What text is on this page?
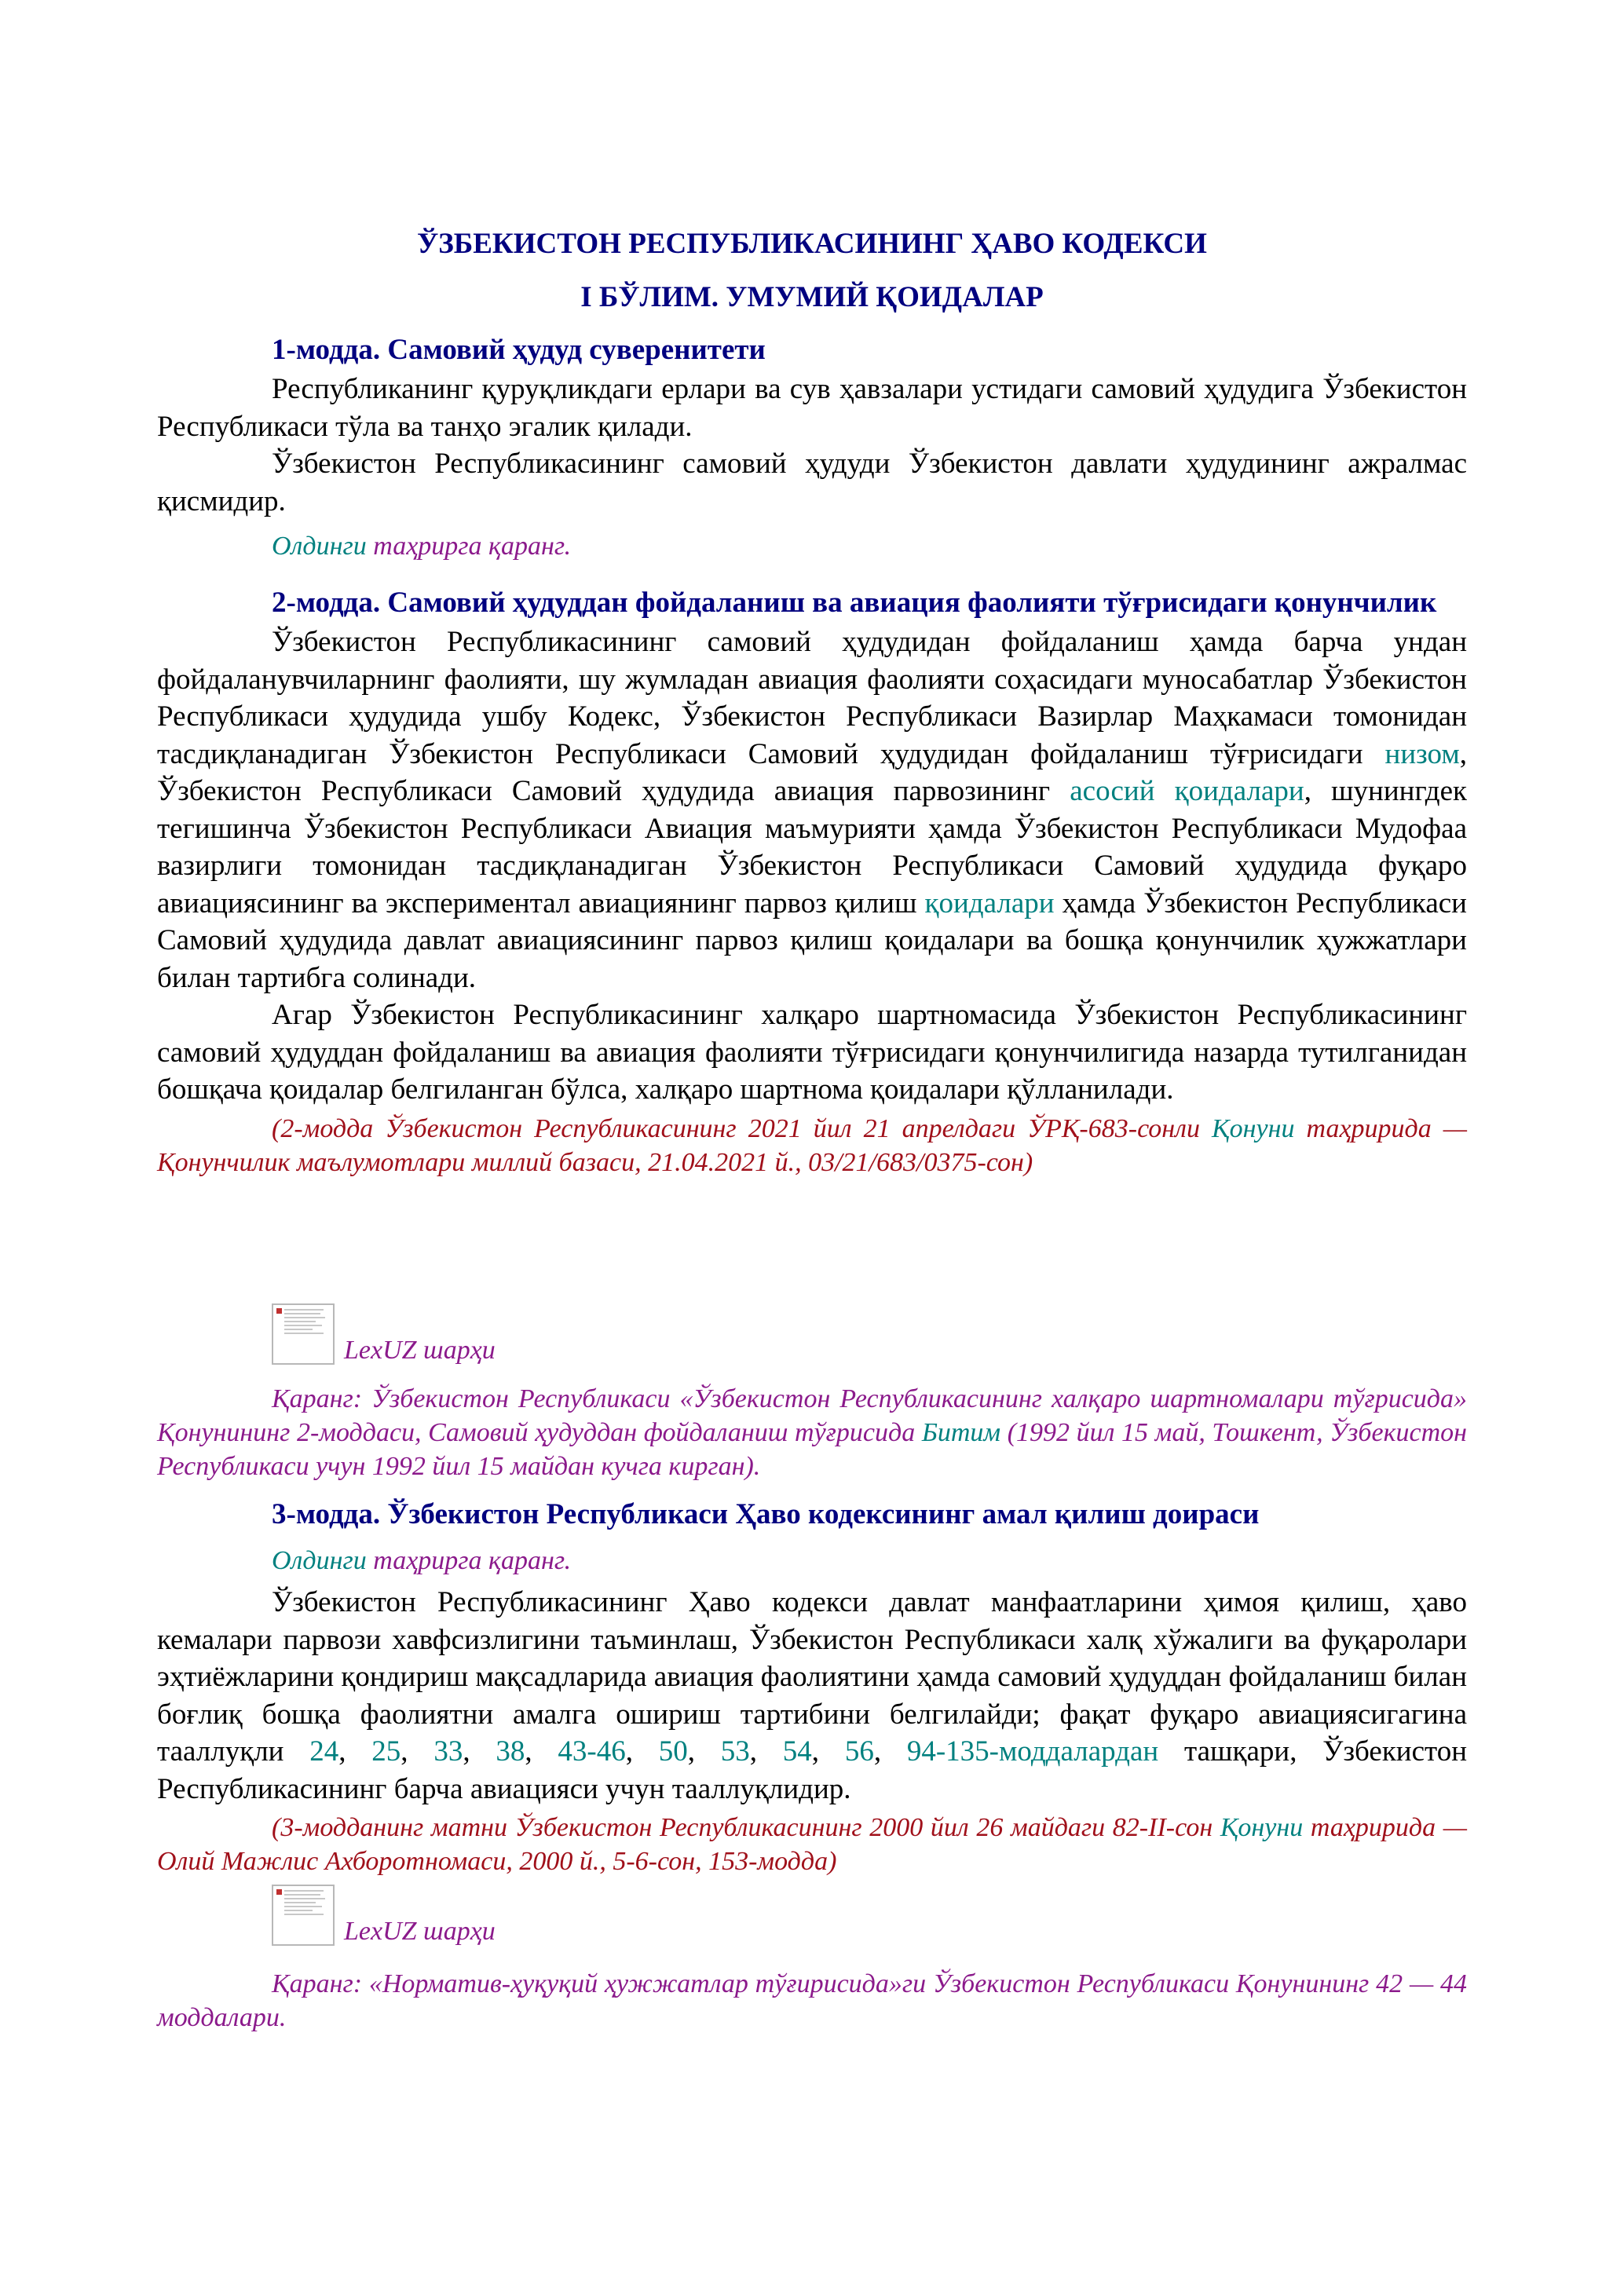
ЎЗБЕКИСТОН РЕСПУБЛИКАСИНИНГ ҲАВО КОДЕКСИ
I БЎЛИМ. УМУМИЙ ҚОИДАЛАР

1-модда. Самовий ҳудуд суверенитети

Республиканинг қуруқликдаги ерлари ва сув ҳавзалари устидаги самовий ҳудудига Ўзбекистон Республикаси тўла ва танҳо эгалик қилади.

Ўзбекистон Республикасининг самовий ҳудуди Ўзбекистон давлати ҳудудининг ажралмас қисмидир.

Олдинги таҳрирга қаранг.

2-модда. Самовий ҳудуддан фойдаланиш ва авиация фаолияти тўғрисидаги қонунчилик

Ўзбекистон Республикасининг самовий ҳудудидан фойдаланиш ҳамда барча ундан фойдаланувчиларнинг фаолияти, шу жумладан авиация фаолияти соҳасидаги муносабатлар Ўзбекистон Республикаси ҳудудида ушбу Кодекс, Ўзбекистон Республикаси Вазирлар Маҳкамаси томонидан тасдиқланадиган Ўзбекистон Республикаси Самовий ҳудудидан фойдаланиш тўғрисидаги низом, Ўзбекистон Республикаси Самовий ҳудудида авиация парвозининг асосий қоидалари, шунингдек тегишинча Ўзбекистон Республикаси Авиация маъмурияти ҳамда Ўзбекистон Республикаси Мудофаа вазирлиги томонидан тасдиқланадиган Ўзбекистон Республикаси Самовий ҳудудида фуқаро авиациясининг ва экспериментал авиациянинг парвоз қилиш қоидалари ҳамда Ўзбекистон Республикаси Самовий ҳудудида давлат авиациясининг парвоз қилиш қоидалари ва бошқа қонунчилик ҳужжатлари билан тартибга солинади.

Агар Ўзбекистон Республикасининг халқаро шартномасида Ўзбекистон Республикасининг самовий ҳудуддан фойдаланиш ва авиация фаолияти тўғрисидаги қонунчилигида назарда тутилганидан бошқача қоидалар белгиланган бўлса, халқаро шартнома қоидалари қўлланилади.

(2-модда Ўзбекистон Республикасининг 2021 йил 21 апрелдаги ЎРҚ-683-сонли Қонуни таҳририда — Қонунчилик маълумотлари миллий базаси, 21.04.2021 й., 03/21/683/0375-сон)

LexUZ шарҳи

Қаранг: Ўзбекистон Республикаси «Ўзбекистон Республикасининг халқаро шартномалари тўғрисида» Қонунининг 2-моддаси, Самовий ҳудуддан фойдаланиш тўғрисида Битим (1992 йил 15 май, Тошкент, Ўзбекистон Республикаси учун 1992 йил 15 майдан кучга кирган).

3-модда. Ўзбекистон Республикаси Ҳаво кодексининг амал қилиш доираси

Олдинги таҳрирга қаранг.

Ўзбекистон Республикасининг Ҳаво кодекси давлат манфаатларини ҳимоя қилиш, ҳаво кемалари парвози хавфсизлигини таъминлаш, Ўзбекистон Республикаси халқ хўжалиги ва фуқаролари эҳтиёжларини қондириш мақсадларида авиация фаолиятини ҳамда самовий ҳудуддан фойдаланиш билан боғлиқ бошқа фаолиятни амалга ошириш тартибини белгилайди; фақат фуқаро авиациясигагина тааллуқли 24, 25, 33, 38, 43-46, 50, 53, 54, 56, 94-135-моддалардан ташқари, Ўзбекистон Республикасининг барча авиацияси учун тааллуқлидир.

(3-модданинг матни Ўзбекистон Республикасининг 2000 йил 26 майдаги 82-II-сон Қонуни таҳририда — Олий Мажлис Ахборотномаси, 2000 й., 5-6-сон, 153-модда)

LexUZ шарҳи

Қаранг: «Норматив-ҳуқуқий ҳужжатлар тўғирисида»ги Ўзбекистон Республикаси Қонунининг 42 — 44 моддалари.
